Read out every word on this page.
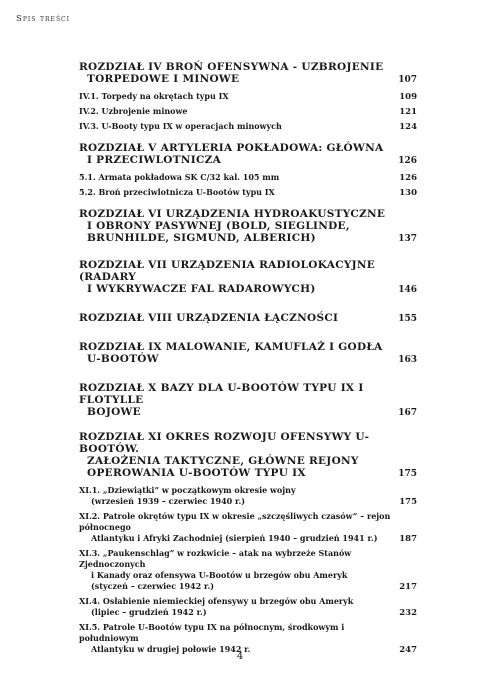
Spis treści
ROZDZIAŁ IV BROŃ OFENSYWNA - UZBROJENIE
TORPEDOWE I MINOWE	107
IV.1. Torpedy na okrętach typu IX	109
IV.2. Uzbrojenie minowe	121
IV.3. U-Booty typu IX w operacjach minowych	124
ROZDZIAŁ V ARTYLERIA POKŁADOWA: GŁÓWNA
I PRZECIWLOTNICZA	126
5.1. Armata pokładowa SK C/32 kal. 105 mm	126
5.2. Broń przeciwlotnicza U-Bootów typu IX	130
ROZDZIAŁ VI URZĄDZENIA HYDROAKUSTYCZNE
I OBRONY PASYWNEJ (BOLD, SIEGLINDE,
BRUNHILDE, SIGMUND, ALBERICH)	137
ROZDZIAŁ VII URZĄDZENIA RADIOLOKACYJNE (RADARY
I WYKRYWACZE FAL RADAROWYCH)	146
ROZDZIAŁ VIII URZĄDZENIA ŁĄCZNOŚCI	155
ROZDZIAŁ IX MALOWANIE, KAMUFLAŻ I GODŁA
U-BOOTÓW	163
ROZDZIAŁ X BAZY DLA U-BOOTÓW TYPU IX I FLOTYLLE
BOJOWE	167
ROZDZIAŁ XI OKRES ROZWOJU OFENSYWY U-BOOTÓW.
ZAŁOŻENIA TAKTYCZNE, GŁÓWNE REJONY
OPEROWANIA U-BOOTÓW TYPU IX	175
XI.1. „Dziewiątki” w początkowym okresie wojny
(wrzesień 1939 – czerwiec 1940 r.)	175
XI.2. Patrole okrętów typu IX w okresie „szczęśliwych czasów” – rejon północnego
Atlantyku i Afryki Zachodniej (sierpień 1940 – grudzień 1941 r.)	187
XI.3. „Paukenschlag” w rozkwicie – atak na wybrzeże Stanów Zjednoczonych
i Kanady oraz ofensywa U-Bootów u brzegów obu Ameryk
(styczeń – czerwiec 1942 r.)	217
XI.4. Osłabienie niemieckiej ofensywy u brzegów obu Ameryk
(lipiec – grudzień 1942 r.)	232
XI.5. Patrole U-Bootów typu IX na północnym, środkowym i południowym
Atlantyku w drugiej połowie 1942 r.	247
4
